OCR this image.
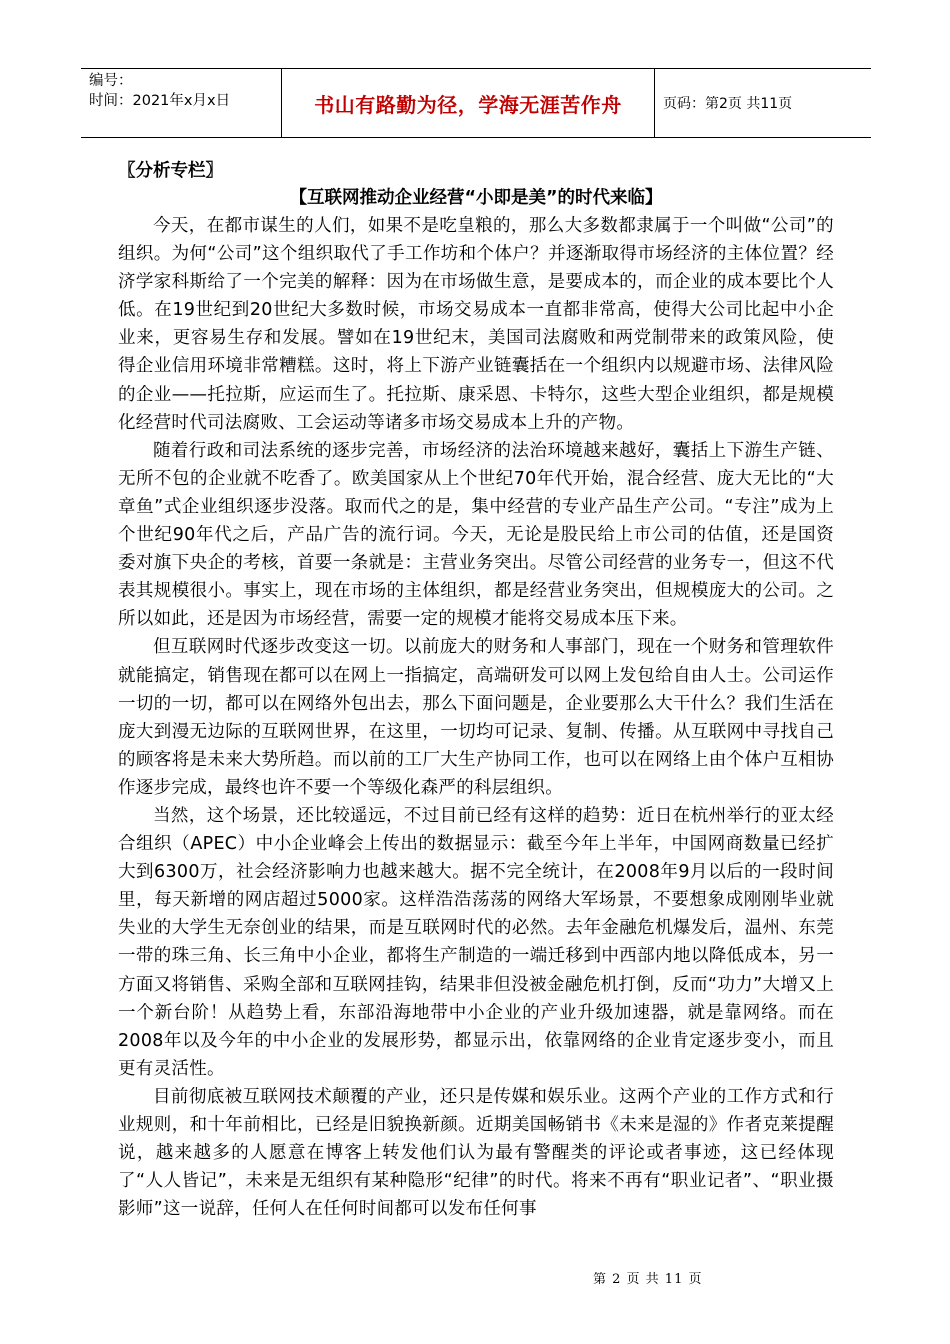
编号：
时间：2021年x月x日	书山有路勤为径，学海无涯苦作舟	页码：第2页 共11页
〖分析专栏〗
【互联网推动企业经营“小即是美”的时代来临】

今天，在都市谋生的人们，如果不是吃皇粮的，那么大多数都隶属于一个叫做“公司”的组织。为何“公司”这个组织取代了手工作坊和个体户？并逐渐取得市场经济的主体位置？经济学家科斯给了一个完美的解释：因为在市场做生意，是要成本的，而企业的成本要比个人低。在19世纪到20世纪大多数时候，市场交易成本一直都非常高，使得大公司比起中小企业来，更容易生存和发展。譬如在19世纪末，美国司法腐败和两党制带来的政策风险，使得企业信用环境非常糟糕。这时，将上下游产业链囊括在一个组织内以规避市场、法律风险的企业——托拉斯，应运而生了。托拉斯、康采恩、卡特尔，这些大型企业组织，都是规模化经营时代司法腐败、工会运动等诸多市场交易成本上升的产物。

随着行政和司法系统的逐步完善，市场经济的法治环境越来越好，囊括上下游生产链、无所不包的企业就不吃香了。欧美国家从上个世纪70年代开始，混合经营、庞大无比的“大章鱼”式企业组织逐步没落。取而代之的是，集中经营的专业产品生产公司。“专注”成为上个世纪90年代之后，产品广告的流行词。今天，无论是股民给上市公司的估值，还是国资委对旗下央企的考核，首要一条就是：主营业务突出。尽管公司经营的业务专一，但这不代表其规模很小。事实上，现在市场的主体组织，都是经营业务突出，但规模庞大的公司。之所以如此，还是因为市场经营，需要一定的规模才能将交易成本压下来。

但互联网时代逐步改变这一切。以前庞大的财务和人事部门，现在一个财务和管理软件就能搞定，销售现在都可以在网上一指搞定，高端研发可以网上发包给自由人士。公司运作一切的一切，都可以在网络外包出去，那么下面问题是，企业要那么大干什么？我们生活在庞大到漫无边际的互联网世界，在这里，一切均可记录、复制、传播。从互联网中寻找自己的顾客将是未来大势所趋。而以前的工厂大生产协同工作，也可以在网络上由个体户互相协作逐步完成，最终也许不要一个等级化森严的科层组织。

当然，这个场景，还比较遥远，不过目前已经有这样的趋势：近日在杭州举行的亚太经合组织（APEC）中小企业峰会上传出的数据显示：截至今年上半年，中国网商数量已经扩大到6300万，社会经济影响力也越来越大。据不完全统计，在2008年9月以后的一段时间里，每天新增的网店超过5000家。这样浩浩荡荡的网络大军场景，不要想象成刚刚毕业就失业的大学生无奈创业的结果，而是互联网时代的必然。去年金融危机爆发后，温州、东莞一带的珠三角、长三角中小企业，都将生产制造的一端迁移到中西部内地以降低成本，另一方面又将销售、采购全部和互联网挂钩，结果非但没被金融危机打倒，反而“功力”大增又上一个新台阶！从趋势上看，东部沿海地带中小企业的产业升级加速器，就是靠网络。而在2008年以及今年的中小企业的发展形势，都显示出，依靠网络的企业肯定逐步变小，而且更有灵活性。

目前彻底被互联网技术颠覆的产业，还只是传媒和娱乐业。这两个产业的工作方式和行业规则，和十年前相比，已经是旧貌换新颜。近期美国畅销书《未来是湿的》作者克莱提醒说，越来越多的人愿意在博客上转发他们认为最有警醒类的评论或者事迹，这已经体现了“人人皆记”，未来是无组织有某种隐形“纪律”的时代。将来不再有“职业记者”、“职业摄影师”这一说辞，任何人在任何时间都可以发布任何事

第 2 页 共 11 页
